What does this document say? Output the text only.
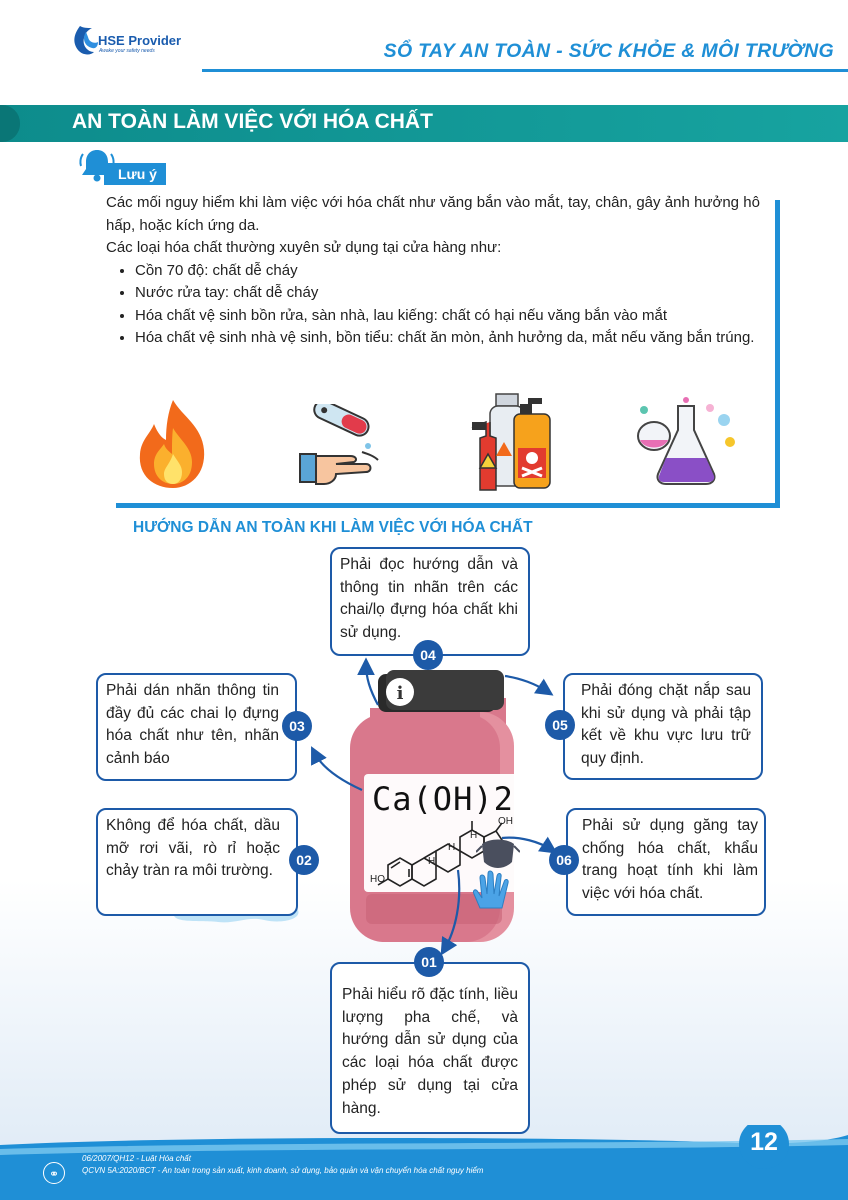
HSE Provider
Awake your safety needs	SỔ TAY AN TOÀN - SỨC KHỎE & MÔI TRƯỜNG
AN TOÀN LÀM VIỆC VỚI HÓA CHẤT
Lưu ý

Các mối nguy hiểm khi làm việc với hóa chất như văng bắn vào mắt, tay, chân, gây ảnh hưởng hô hấp, hoặc kích ứng da.

Các loại hóa chất thường xuyên sử dụng tại cửa hàng như:

• Cồn 70 độ: chất dễ cháy
• Nước rửa tay: chất dễ cháy
• Hóa chất vệ sinh bồn rửa, sàn nhà, lau kiếng: chất có hại nếu văng bắn vào mắt
• Hóa chất vệ sinh nhà vệ sinh, bồn tiểu: chất ăn mòn, ảnh hưởng da, mắt nếu văng bắn trúng.
HƯỚNG DẪN AN TOÀN KHI LÀM VIỆC VỚI HÓA CHẤT
i
Ca(OH)2
OH
HO
H
H
H
Phải đọc hướng dẫn và thông tin nhãn trên các chai/lọ đựng hóa chất khi sử dụng.
04
Phải dán nhãn thông tin đầy đủ các chai lọ đựng hóa chất như tên, nhãn cảnh báo
03
Phải đóng chặt nắp sau khi sử dụng và phải tập kết về khu vực lưu trữ quy định.
05
Không để hóa chất, dầu mỡ rơi vãi, rò rỉ hoặc chảy tràn ra môi trường.
02
Phải sử dụng găng tay chống hóa chất, khẩu trang hoạt tính khi làm việc với hóa chất.
06
Phải hiểu rõ đặc tính, liều lượng pha chế, và hướng dẫn sử dụng của các loại hóa chất được phép sử dụng tại cửa hàng.
01
12
⚭
06/2007/QH12 - Luật Hóa chất
QCVN 5A:2020/BCT - An toàn trong sản xuất, kinh doanh, sử dụng, bảo quản và vận chuyển hóa chất nguy hiểm
